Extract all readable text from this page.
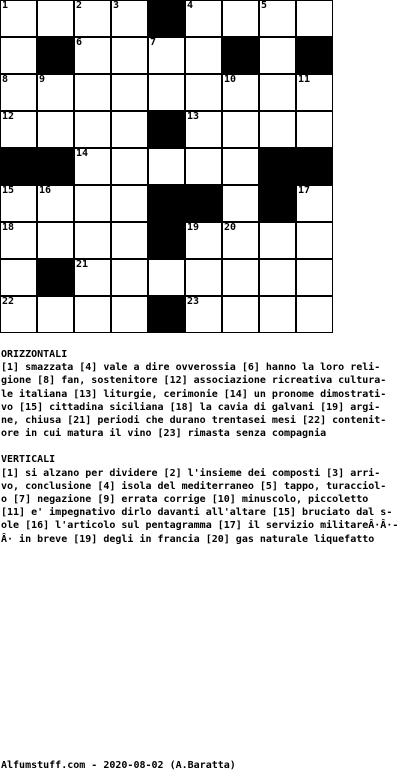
1	2	3	4	5
6	7
8	9	10	11
12	13
14
15 16	17
18	19 20
21
22	23
ORIZZONTALI
[1] smazzata [4] vale a dire ovverossia [6] hanno la loro reli-
gione [8] fan, sostenitore [12] associazione ricreativa cultura-
le italiana [13] liturgie, cerimonie [14] un pronome dimostrati-
vo [15] cittadina siciliana [18] la cavia di galvani [19] argi-
ne, chiusa [21] periodi che durano trentasei mesi [22] contenit-
ore in cui matura il vino [23] rimasta senza compagnia
VERTICALI
[1] si alzano per dividere [2] l'insieme dei composti [3] arri-
vo, conclusione [4] isola del mediterraneo [5] tappo, turacciol-
o [7] negazione [9] errata corrige [10] minuscolo, piccoletto
[11] e' impegnativo dirlo davanti all'altare [15] bruciato dal s-
ole [16] l'articolo sul pentagramma [17] il servizio militareÂ·Â·-
Â· in breve [19] degli in francia [20] gas naturale liquefatto
Alfumstuff.com - 2020-08-02 (A.Baratta)
